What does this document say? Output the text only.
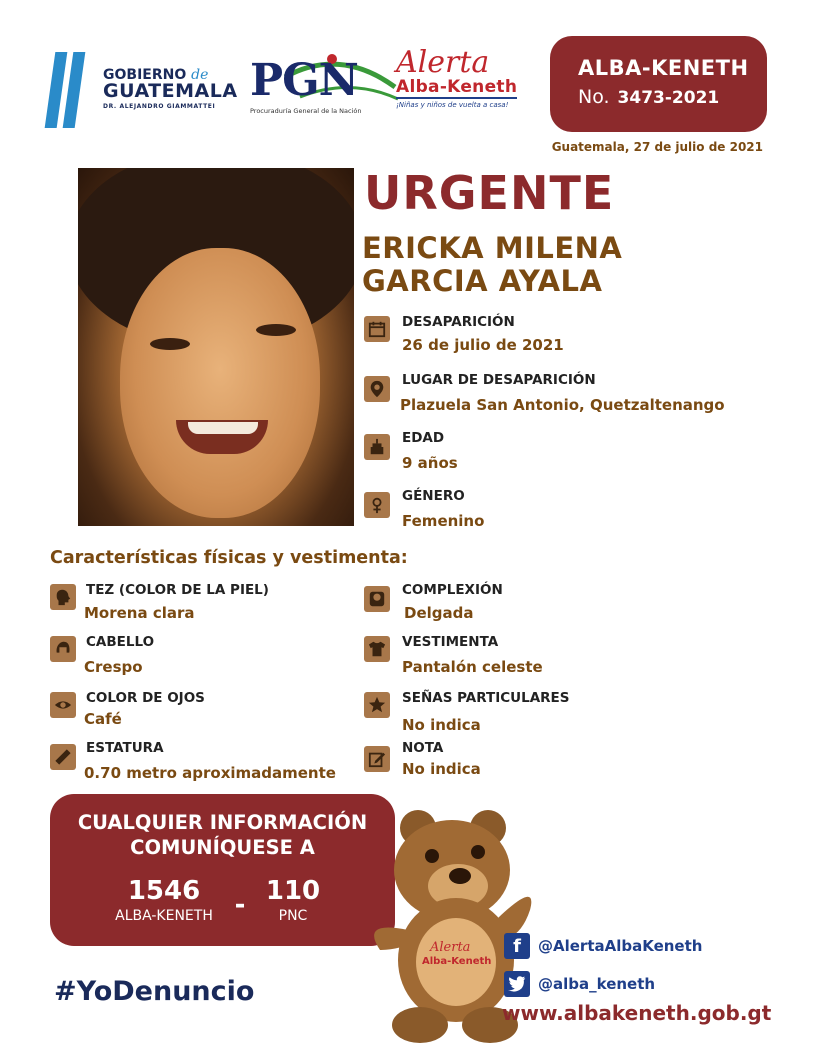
GOBIERNO de
GUATEMALA
DR. ALEJANDRO GIAMMATTEI
PGN
Procuraduría General de la Nación
Alerta
Alba-Keneth
¡Niñas y niños de vuelta a casa!
ALBA-KENETH
No. 3473-2021
Guatemala, 27 de julio de 2021
URGENTE
ERICKA MILENA
GARCIA AYALA
DESAPARICIÓN
26 de julio de 2021
LUGAR DE DESAPARICIÓN
Plazuela San Antonio, Quetzaltenango
EDAD
9 años
GÉNERO
Femenino
Características físicas y vestimenta:
TEZ (COLOR DE LA PIEL)
Morena clara
CABELLO
Crespo
COLOR DE OJOS
Café
ESTATURA
0.70 metro aproximadamente
COMPLEXIÓN
Delgada
VESTIMENTA
Pantalón celeste
SEÑAS PARTICULARES
No indica
NOTA
No indica
CUALQUIER INFORMACIÓN
COMUNÍQUESE A
1546
ALBA-KENETH - 110
PNC
Alerta
Alba-Keneth
#YoDenuncio
f	@AlertaAlbaKeneth
@alba_keneth
www.albakeneth.gob.gt
